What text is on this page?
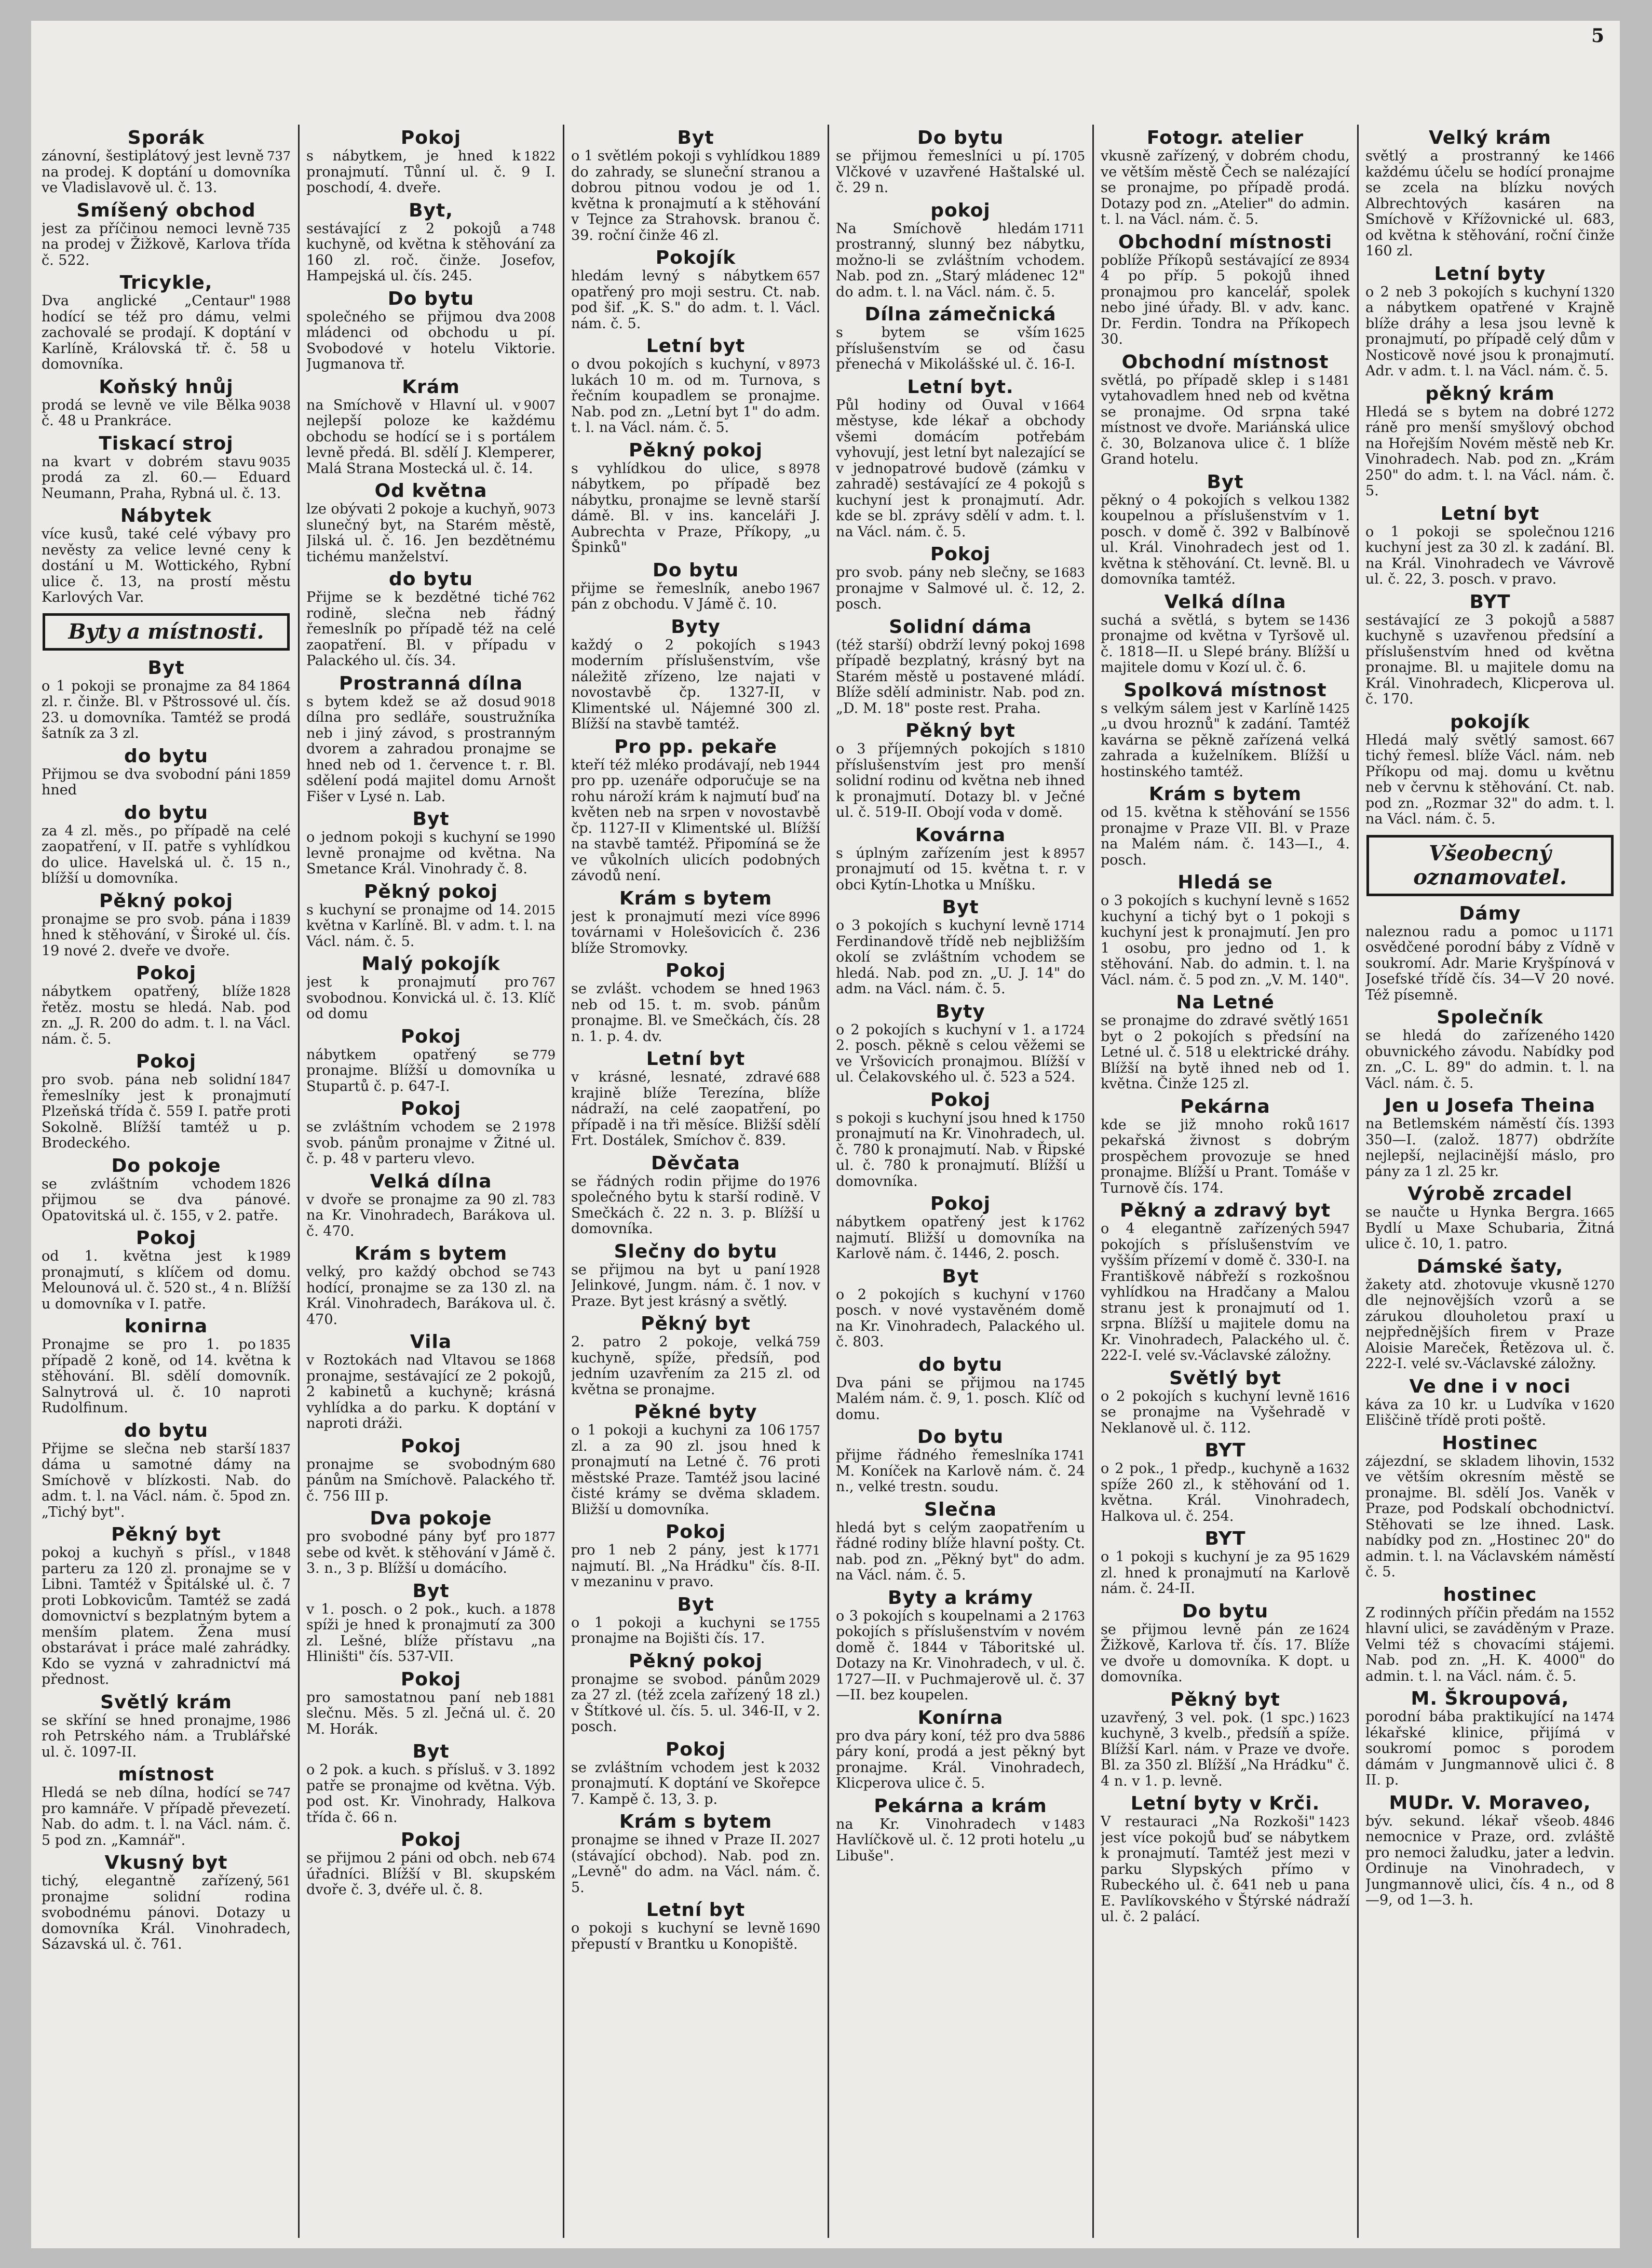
5
Sporák
737
zánovní, šestiplátový jest levně na prodej. K doptání u domovníka ve Vladislavově ul. č. 13.
Smíšený obchod
735
jest za příčinou nemoci levně na prodej v Žižkově, Karlova třída č. 522.
Tricykle,
1988
Dva anglické „Centaur" hodící se též pro dámu, velmi zachovalé se prodají. K doptání v Karlíně, Královská tř. č. 58 u domovníka.
Koňský hnůj
9038
prodá se levně ve vile Bělka č. 48 u Prankráce.
Tiskací stroj
9035
na kvart v dobrém stavu prodá za zl. 60.— Eduard Neumann, Praha, Rybná ul. č. 13.
Nábytek
více kusů, také celé výbavy pro nevěsty za velice levné ceny k dostání u M. Wottického, Rybní ulice č. 13, na prostí městu Karlových Var.
Byty a místnosti.
Byt
1864
o 1 pokoji se pronajme za 84 zl. r. činže. Bl. v Pštrossové ul. čís. 23. u domovníka. Tamtéž se prodá šatník za 3 zl.
do bytu
1859
Přijmou se dva svobodní páni hned
do bytu
za 4 zl. měs., po případě na celé zaopatření, v II. patře s vyhlídkou do ulice. Havelská ul. č. 15 n., blížší u domovníka.
Pěkný pokoj
1839
pronajme se pro svob. pána i hned k stěhování, v Široké ul. čís. 19 nové 2. dveře ve dvoře.
Pokoj
1828
nábytkem opatřený, blíže řetěz. mostu se hledá. Nab. pod zn. „J. R. 200 do adm. t. l. na Václ. nám. č. 5.
Pokoj
1847
pro svob. pána neb solidní řemeslníky jest k pronajmutí Plzeňská třída č. 559 I. patře proti Sokolně. Blížší tamtéž u p. Brodeckého.
Do pokoje
1826
se zvláštním vchodem přijmou se dva pánové. Opatovitská ul. č. 155, v 2. patře.
Pokoj
1989
od 1. května jest k pronajmutí, s klíčem od domu. Melounová ul. č. 520 st., 4 n. Blížší u domovníka v I. patře.
konirna
1835
Pronajme se pro 1. po případě 2 koně, od 14. května k stěhování. Bl. sdělí domovník. Salnytrová ul. č. 10 naproti Rudolfinum.
do bytu
1837
Přijme se slečna neb starší dáma u samotné dámy na Smíchově v blízkosti. Nab. do adm. t. l. na Václ. nám. č. 5pod zn. „Tichý byt".
Pěkný byt
1848
pokoj a kuchyň s přísl., v parteru za 120 zl. pronajme se v Libni. Tamtéž v Špitálské ul. č. 7 proti Lobkovicům. Tamtéž se zadá domovnictví s bezplatným bytem a menším platem. Žena musí obstarávat i práce malé zahrádky. Kdo se vyzná v zahradnictví má přednost.
Světlý krám
1986
se skříní se hned pronajme, roh Petrského nám. a Trublářské ul. č. 1097-II.
místnost
747
Hledá se neb dílna, hodící se pro kamnáře. V případě převezetí. Nab. do adm. t. l. na Václ. nám. č. 5 pod zn. „Kamnář".
Vkusný byt
561
tichý, elegantně zařízený, pronajme solidní rodina svobodnému pánovi. Dotazy u domovníka Král. Vinohradech, Sázavská ul. č. 761.
Pokoj
1822
s nábytkem, je hned k pronajmutí. Tůnní ul. č. 9 I. poschodí, 4. dveře.
Byt,
748
sestávající z 2 pokojů a kuchyně, od května k stěhování za 160 zl. roč. činže. Josefov, Hampejská ul. čís. 245.
Do bytu
2008
společného se přijmou dva mládenci od obchodu u pí. Svobodové v hotelu Viktorie. Jugmanova tř.
Krám
9007
na Smíchově v Hlavní ul. v nejlepší poloze ke každému obchodu se hodící se i s portálem levně předá. Bl. sdělí J. Klemperer, Malá Strana Mostecká ul. č. 14.
Od května
9073
lze obývati 2 pokoje a kuchyň, slunečný byt, na Starém městě, Jilská ul. č. 16. Jen bezdětnému tichému manželství.
do bytu
762
Přijme se k bezdětné tiché rodině, slečna neb řádný řemeslník po případě též na celé zaopatření. Bl. v případu v Palackého ul. čís. 34.
Prostranná dílna
9018
s bytem kdež se až dosud dílna pro sedláře, soustružníka neb i jiný závod, s prostranným dvorem a zahradou pronajme se hned neb od 1. července t. r. Bl. sdělení podá majitel domu Arnošt Fišer v Lysé n. Lab.
Byt
1990
o jednom pokoji s kuchyní se levně pronajme od května. Na Smetance Král. Vinohrady č. 8.
Pěkný pokoj
2015
s kuchyní se pronajme od 14. května v Karlíně. Bl. v adm. t. l. na Václ. nám. č. 5.
Malý pokojík
767
jest k pronajmutí pro svobodnou. Konvická ul. č. 13. Klíč od domu
Pokoj
779
nábytkem opatřený se pronajme. Blížší u domovníka u Stupartů č. p. 647-I.
Pokoj
1978
se zvláštním vchodem se 2 svob. pánům pronajme v Žitné ul. č. p. 48 v parteru vlevo.
Velká dílna
783
v dvoře se pronajme za 90 zl. na Kr. Vinohradech, Barákova ul. č. 470.
Krám s bytem
743
velký, pro každý obchod se hodící, pronajme se za 130 zl. na Král. Vinohradech, Barákova ul. č. 470.
Vila
1868
v Roztokách nad Vltavou se pronajme, sestávající ze 2 pokojů, 2 kabinetů a kuchyně; krásná vyhlídka a do parku. K doptání v naproti dráži.
Pokoj
680
pronajme se svobodným pánům na Smíchově. Palackého tř. č. 756 III p.
Dva pokoje
1877
pro svobodné pány byť pro sebe od květ. k stěhování v Jámě č. 3. n., 3 p. Blížší u domácího.
Byt
1878
v 1. posch. o 2 pok., kuch. a spíži je hned k pronajmutí za 300 zl. Lešné, blíže přístavu „na Hliništi" čís. 537-VII.
Pokoj
1881
pro samostatnou paní neb slečnu. Měs. 5 zl. Ječná ul. č. 20 M. Horák.
Byt
1892
o 2 pok. a kuch. s přísluš. v 3. patře se pronajme od května. Výb. pod ost. Kr. Vinohrady, Halkova třída č. 66 n.
Pokoj
674
se přijmou 2 páni od obch. neb úřadníci. Blížší v Bl. skupském dvoře č. 3, dvéře ul. č. 8.
Byt
1889
o 1 světlém pokoji s vyhlídkou do zahrady, se sluneční stranou a dobrou pitnou vodou je od 1. května k pronajmutí a k stěhování v Tejnce za Strahovsk. branou č. 39. roční činže 46 zl.
Pokojík
657
hledám levný s nábytkem opatřený pro moji sestru. Ct. nab. pod šif. „K. S." do adm. t. l. Václ. nám. č. 5.
Letní byt
8973
o dvou pokojích s kuchyní, v lukách 10 m. od m. Turnova, s řečním koupadlem se pronajme. Nab. pod zn. „Letní byt 1" do adm. t. l. na Václ. nám. č. 5.
Pěkný pokoj
8978
s vyhlídkou do ulice, s nábytkem, po případě bez nábytku, pronajme se levně starší dámě. Bl. v ins. kanceláři J. Aubrechta v Praze, Příkopy, „u Špinků"
Do bytu
1967
přijme se řemeslník, anebo pán z obchodu. V Jámě č. 10.
Byty
1943
každý o 2 pokojích s moderním příslušenstvím, vše náležitě zřízeno, lze najati v novostavbě čp. 1327-II, v Klimentské ul. Nájemné 300 zl. Blížší na stavbě tamtéž.
Pro pp. pekaře
1944
kteří též mléko prodávají, neb pro pp. uzenáře odporučuje se na rohu nároží krám k najmutí buď na květen neb na srpen v novostavbě čp. 1127-II v Klimentské ul. Blížší na stavbě tamtéž. Připomíná se že ve vůkolních ulicích podobných závodů není.
Krám s bytem
8996
jest k pronajmutí mezi více továrnami v Holešovicích č. 236 blíže Stromovky.
Pokoj
1963
se zvlášt. vchodem se hned neb od 15. t. m. svob. pánům pronajme. Bl. ve Smečkách, čís. 28 n. 1. p. 4. dv.
Letní byt
688
v krásné, lesnaté, zdravé krajině blíže Terezína, blíže nádraží, na celé zaopatření, po případě i na tři měsíce. Bližší sdělí Frt. Dostálek, Smíchov č. 839.
Děvčata
1976
se řádných rodin přijme do společného bytu k starší rodině. V Smečkách č. 22 n. 3. p. Blížší u domovníka.
Slečny do bytu
1928
se přijmou na byt u paní Jelinkové, Jungm. nám. č. 1 nov. v Praze. Byt jest krásný a světlý.
Pěkný byt
759
2. patro 2 pokoje, velká kuchyně, spíže, předsíň, pod jedním uzavřením za 215 zl. od května se pronajme.
Pěkné byty
1757
o 1 pokoji a kuchyni za 106 zl. a za 90 zl. jsou hned k pronajmutí na Letné č. 76 proti městské Praze. Tamtéž jsou laciné čisté krámy se dvěma skladem. Bližší u domovníka.
Pokoj
1771
pro 1 neb 2 pány, jest k najmutí. Bl. „Na Hrádku" čís. 8-II. v mezaninu v pravo.
Byt
1755
o 1 pokoji a kuchyni se pronajme na Bojišti čís. 17.
Pěkný pokoj
2029
pronajme se svobod. pánům za 27 zl. (též zcela zařízený 18 zl.) v Štítkové ul. čís. 5. ul. 346-II, v 2. posch.
Pokoj
2032
se zvláštním vchodem jest k pronajmutí. K doptání ve Skořepce 7. Kampě č. 13, 3. p.
Krám s bytem
2027
pronajme se ihned v Praze II. (stávající obchod). Nab. pod zn. „Levně" do adm. na Václ. nám. č. 5.
Letní byt
1690
o pokoji s kuchyní se levně přepustí v Brantku u Konopiště.
Do bytu
1705
se přijmou řemeslníci u pí. Vlčkové v uzavřené Haštalské ul. č. 29 n.
pokoj
1711
Na Smíchově hledám prostranný, slunný bez nábytku, možno-li se zvláštním vchodem. Nab. pod zn. „Starý mládenec 12" do adm. t. l. na Václ. nám. č. 5.
Dílna zámečnická
1625
s bytem se vším příslušenstvím se od času přenechá v Mikolášské ul. č. 16-I.
Letní byt.
1664
Půl hodiny od Ouval v městyse, kde lékař a obchody všemi domácím potřebám vyhovují, jest letní byt nalezající se v jednopatrové budově (zámku v zahradě) sestávající ze 4 pokojů s kuchyní jest k pronajmutí. Adr. kde se bl. zprávy sdělí v adm. t. l. na Václ. nám. č. 5.
Pokoj
1683
pro svob. pány neb slečny, se pronajme v Salmové ul. č. 12, 2. posch.
Solidní dáma
1698
(též starší) obdrží levný pokoj případě bezplatný, krásný byt na Starém městě u postavené mládí. Blíže sdělí administr. Nab. pod zn. „D. M. 18" poste rest. Praha.
Pěkný byt
1810
o 3 příjemných pokojích s příslušenstvím jest pro menší solidní rodinu od května neb ihned k pronajmutí. Dotazy bl. v Ječné ul. č. 519-II. Obojí voda v domě.
Kovárna
8957
s úplným zařízením jest k pronajmutí od 15. května t. r. v obci Kytín-Lhotka u Mníšku.
Byt
1714
o 3 pokojích s kuchyní levně Ferdinandově třídě neb nejbližším okolí se zvláštním vchodem se hledá. Nab. pod zn. „U. J. 14" do adm. na Václ. nám. č. 5.
Byty
1724
o 2 pokojích s kuchyní v 1. a 2. posch. pěkně s celou věžemi se ve Vršovicích pronajmou. Blížší v ul. Čelakovského ul. č. 523 a 524.
Pokoj
1750
s pokoji s kuchyní jsou hned k pronajmutí na Kr. Vinohradech, ul. č. 780 k pronajmutí. Nab. v Řipské ul. č. 780 k pronajmutí. Blížší u domovníka.
Pokoj
1762
nábytkem opatřený jest k najmutí. Bližší u domovníka na Karlově nám. č. 1446, 2. posch.
Byt
1760
o 2 pokojích s kuchyní v posch. v nové vystavěném domě na Kr. Vinohradech, Palackého ul. č. 803.
do bytu
1745
Dva páni se přijmou na Malém nám. č. 9, 1. posch. Klíč od domu.
Do bytu
1741
přijme řádného řemeslníka M. Koníček na Karlově nám. č. 24 n., velké trestn. soudu.
Slečna
hledá byt s celým zaopatřením u řádné rodiny blíže hlavní pošty. Ct. nab. pod zn. „Pěkný byt" do adm. na Václ. nám. č. 5.
Byty a krámy
1763
o 3 pokojích s koupelnami a 2 pokojích s příslušenstvím v novém domě č. 1844 v Táboritské ul. Dotazy na Kr. Vinohradech, v ul. č. 1727—II. v Puchmajerově ul. č. 37—II. bez koupelen.
Konírna
5886
pro dva páry koní, též pro dva páry koní, prodá a jest pěkný byt pronajme. Král. Vinohradech, Klicperova ulice č. 5.
Pekárna a krám
1483
na Kr. Vinohradech v Havlíčkově ul. č. 12 proti hotelu „u Libuše".
Fotogr. atelier
vkusně zařízený, v dobrém chodu, ve větším městě Čech se nalézající se pronajme, po případě prodá. Dotazy pod zn. „Atelier" do admin. t. l. na Václ. nám. č. 5.
Obchodní místnosti
8934
poblíže Příkopů sestávající ze 4 po příp. 5 pokojů ihned pronajmou pro kancelář, spolek nebo jiné úřady. Bl. v adv. kanc. Dr. Ferdin. Tondra na Příkopech 30.
Obchodní místnost
1481
světlá, po případě sklep i s vytahovadlem hned neb od května se pronajme. Od srpna také místnost ve dvoře. Mariánská ulice č. 30, Bolzanova ulice č. 1 blíže Grand hotelu.
Byt
1382
pěkný o 4 pokojích s velkou koupelnou a příslušenstvím v 1. posch. v domě č. 392 v Balbínově ul. Král. Vinohradech jest od 1. května k stěhování. Ct. levně. Bl. u domovníka tamtéž.
Velká dílna
1436
suchá a světlá, s bytem se pronajme od května v Tyršově ul. č. 1818—II. u Slepé brány. Blížší u majitele domu v Kozí ul. č. 6.
Spolková místnost
1425
s velkým sálem jest v Karlíně „u dvou hroznů" k zadání. Tamtéž kavárna se pěkně zařízená velká zahrada a kuželníkem. Blížší u hostinského tamtéž.
Krám s bytem
1556
od 15. května k stěhování se pronajme v Praze VII. Bl. v Praze na Malém nám. č. 143—I., 4. posch.
Hledá se
1652
o 3 pokojích s kuchyní levně s kuchyní a tichý byt o 1 pokoji s kuchyní jest k pronajmutí. Jen pro 1 osobu, pro jedno od 1. k stěhování. Nab. do admin. t. l. na Václ. nám. č. 5 pod zn. „V. M. 140".
Na Letné
1651
se pronajme do zdravé světlý byt o 2 pokojích s předsíní na Letné ul. č. 518 u elektrické dráhy. Blížší na bytě ihned neb od 1. května. Činže 125 zl.
Pekárna
1617
kde se již mnoho roků pekařská živnost s dobrým prospěchem provozuje se hned pronajme. Blížší u Prant. Tomáše v Turnově čís. 174.
Pěkný a zdravý byt
5947
o 4 elegantně zařízených pokojích s příslušenstvím ve vyšším přízemí v domě č. 330-I. na Františkově nábřeží s rozkošnou vyhlídkou na Hradčany a Malou stranu jest k pronajmutí od 1. srpna. Blížší u majitele domu na Kr. Vinohradech, Palackého ul. č. 222-I. velé sv.-Václavské záložny.
Světlý byt
1616
o 2 pokojích s kuchyní levně se pronajme na Vyšehradě v Neklanově ul. č. 112.
BYT
1632
o 2 pok., 1 předp., kuchyně a spíže 260 zl., k stěhování od 1. května. Král. Vinohradech, Halkova ul. č. 254.
BYT
1629
o 1 pokoji s kuchyní je za 95 zl. hned k pronajmutí na Karlově nám. č. 24-II.
Do bytu
1624
se přijmou levně pán ze Žižkově, Karlova tř. čís. 17. Blíže ve dvoře u domovníka. K dopt. u domovníka.
Pěkný byt
1623
uzavřený, 3 vel. pok. (1 spc.) kuchyně, 3 kvelb., předsíň a spíže. Blížší Karl. nám. v Praze ve dvoře. Bl. za 350 zl. Blížší „Na Hrádku" č. 4 n. v 1. p. levně.
Letní byty v Krči.
1423
V restauraci „Na Rozkoši" jest více pokojů buď se nábytkem k pronajmutí. Tamtéž jest mezi v parku Slypských přímo v Rubeckého ul. č. 641 neb u pana E. Pavlíkovského v Štýrské nádraží ul. č. 2 palácí.
Velký krám
1466
světlý a prostranný ke každému účelu se hodící pronajme se zcela na blízku nových Albrechtových kasáren na Smíchově v Křížovnické ul. 683, od května k stěhování, roční činže 160 zl.
Letní byty
1320
o 2 neb 3 pokojích s kuchyní a nábytkem opatřené v Krajně blíže dráhy a lesa jsou levně k pronajmutí, po případě celý dům v Nosticově nové jsou k pronajmutí. Adr. v adm. t. l. na Václ. nám. č. 5.
pěkný krám
1272
Hledá se s bytem na dobré ráně pro menší smyšlový obchod na Hořejším Novém městě neb Kr. Vinohradech. Nab. pod zn. „Krám 250" do adm. t. l. na Václ. nám. č. 5.
Letní byt
1216
o 1 pokoji se společnou kuchyní jest za 30 zl. k zadání. Bl. na Král. Vinohradech ve Vávrově ul. č. 22, 3. posch. v pravo.
BYT
5887
sestávající ze 3 pokojů a kuchyně s uzavřenou předsíní a příslušenstvím hned od května pronajme. Bl. u majitele domu na Král. Vinohradech, Klicperova ul. č. 170.
pokojík
667
Hledá malý světlý samost. tichý řemesl. blíže Václ. nám. neb Příkopu od maj. domu u květnu neb v červnu k stěhování. Ct. nab. pod zn. „Rozmar 32" do adm. t. l. na Václ. nám. č. 5.
Všeobecný oznamovatel.
Dámy
1171
naleznou radu a pomoc u osvědčené porodní báby z Vídně v soukromí. Adr. Marie Kryšpínová v Josefské třídě čís. 34—V 20 nové. Též písemně.
Společník
1420
se hledá do zařízeného obuvnického závodu. Nabídky pod zn. „C. L. 89" do admin. t. l. na Václ. nám. č. 5.
Jen u Josefa Theina
1393
na Betlemském náměstí čís. 350—I. (založ. 1877) obdržíte nejlepší, nejlacinější máslo, pro pány za 1 zl. 25 kr.
Výrobě zrcadel
1665
se naučte u Hynka Bergra. Bydlí u Maxe Schubaria, Žitná ulice č. 10, 1. patro.
Dámské šaty,
1270
žakety atd. zhotovuje vkusně dle nejnovějších vzorů a se zárukou dlouholetou praxí u nejpřednějších firem v Praze Aloisie Mareček, Řetězova ul. č. 222-I. velé sv.-Václavské záložny.
Ve dne i v noci
1620
káva za 10 kr. u Ludvíka v Eliščině třídě proti poště.
Hostinec
1532
zájezdní, se skladem lihovin, ve větším okresním městě se pronajme. Bl. sdělí Jos. Vaněk v Praze, pod Podskalí obchodnictví. Stěhovati se lze ihned. Lask. nabídky pod zn. „Hostinec 20" do admin. t. l. na Václavském náměstí č. 5.
hostinec
1552
Z rodinných příčin předám na hlavní ulici, se zaváděným v Praze. Velmi též s chovacími stájemi. Nab. pod zn. „H. K. 4000" do admin. t. l. na Václ. nám. č. 5.
M. Škroupová,
1474
porodní bába praktikující na lékařské klinice, přijímá v soukromí pomoc s porodem dámám v Jungmannově ulici č. 8 II. p.
MUDr. V. Moraveo,
4846
býv. sekund. lékař všeob. nemocnice v Praze, ord. zvláště pro nemoci žaludku, jater a ledvin. Ordinuje na Vinohradech, v Jungmannově ulici, čís. 4 n., od 8—9, od 1—3. h.
